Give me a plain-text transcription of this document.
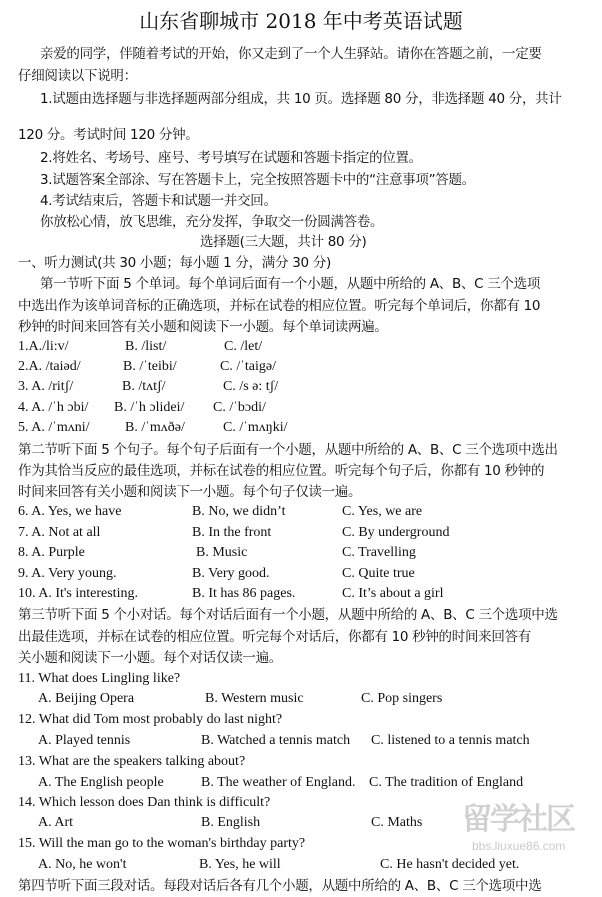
山东省聊城市 2018 年中考英语试题
亲爱的同学，伴随着考试的开始，你又走到了一个人生驿站。请你在答题之前，一定要
仔细阅读以下说明：
1.试题由选择题与非选择题两部分组成，共 10 页。选择题 80 分，非选择题 40 分，共计
120 分。考试时间 120 分钟。
2.将姓名、考场号、座号、考号填写在试题和答题卡指定的位置。
3.试题答案全部涂、写在答题卡上，完全按照答题卡中的“注意事项”答题。
4.考试结束后，答题卡和试题一并交回。
你放松心情，放飞思维，充分发挥，争取交一份圆满答卷。
选择题(三大题，共计 80 分)
一、听力测试(共 30 小题；每小题 1 分，满分 30 分)
第一节听下面 5 个单词。每个单词后面有一个小题，从题中所给的 A、B、C 三个选项
中选出作为该单词音标的正确选项，并标在试卷的相应位置。听完每个单词后，你都有 10
秒钟的时间来回答有关小题和阅读下一小题。每个单词读两遍。
1.A./li:v/	B. /list/	C. /let/
2.A. /taiəd/	B. /ˈteibi/	C. /ˈtaigə/
3. A. /ritʃ/	B. /tʌtʃ/	C. /s ə: tʃ/
4. A. /ˈh ɔbi/ B. /ˈh ɔlidei/ C. /ˈbɔdi/
5. A. /ˈmʌni/	B. /ˈmʌðə/	C. /ˈmʌŋki/
第二节听下面 5 个句子。每个句子后面有一个小题，从题中所给的 A、B、C 三个选项中选出
作为其恰当反应的最佳选项，并标在试卷的相应位置。听完每个句子后，你都有 10 秒钟的
时间来回答有关小题和阅读下一小题。每个句子仅读一遍。
6. A. Yes, we have	B. No, we didn’t	C. Yes, we are
7. A. Not at all	B. In the front	C. By underground
8. A. Purple	B. Music	C. Travelling
9. A. Very young.	B. Very good.	C. Quite true
10. A. It's interesting.	B. It has 86 pages.	C. It’s about a girl
第三节听下面 5 个小对话。每个对话后面有一个小题，从题中所给的 A、B、C 三个选项中选
出最佳选项，并标在试卷的相应位置。听完每个对话后，你都有 10 秒钟的时间来回答有
关小题和阅读下一小题。每个对话仅读一遍。
11. What does Lingling like?
A. Beijing Opera	B. Western music	C. Pop singers
12. What did Tom most probably do last night?
A. Played tennis	B. Watched a tennis match C. listened to a tennis match
13. What are the speakers talking about?
A. The English people	B. The weather of England. C. The tradition of England
14. Which lesson does Dan think is difficult?
A. Art	B. English	C. Maths
15. Will the man go to the woman's birthday party?
A. No, he won't	B. Yes, he will	C. He hasn't decided yet.
第四节听下面三段对话。每段对话后各有几个小题，从题中所给的 A、B、C 三个选项中选
留学社区
bbs.liuxue86.com
